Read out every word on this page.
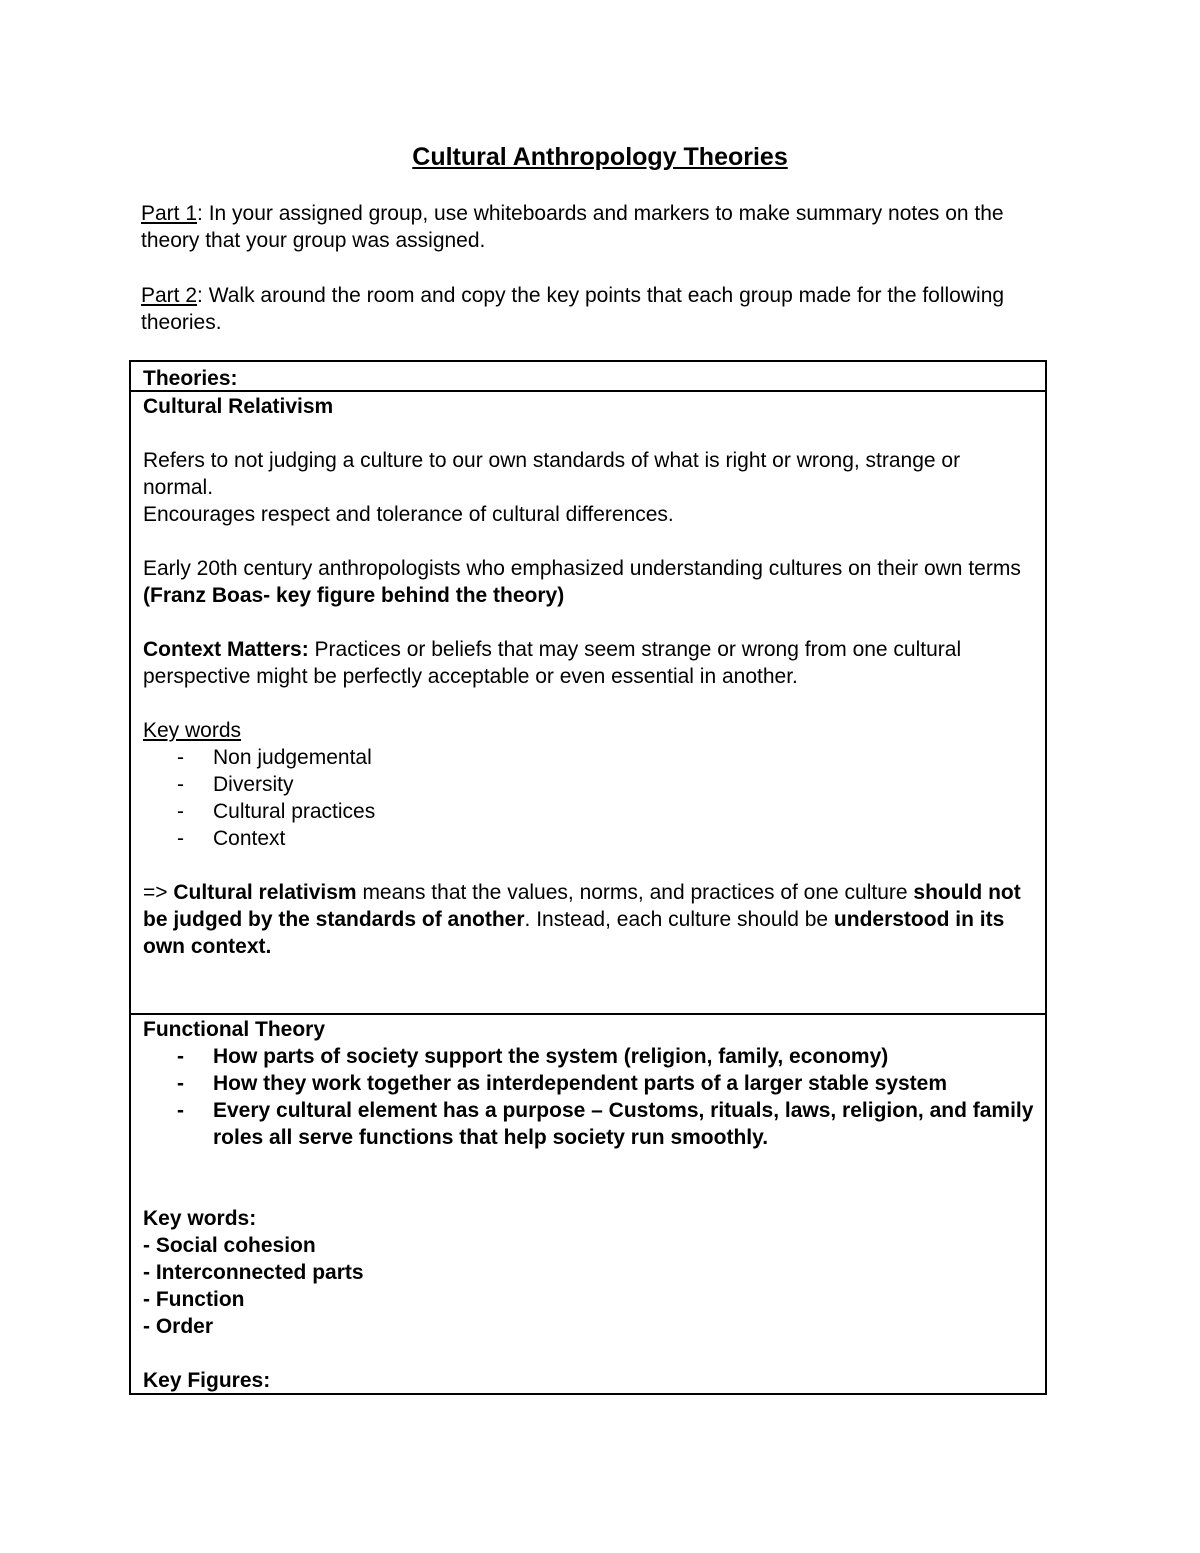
Cultural Anthropology Theories
Part 1: In your assigned group, use whiteboards and markers to make summary notes on the theory that your group was assigned.
Part 2: Walk around the room and copy the key points that each group made for the following theories.
Theories:
Cultural Relativism
Refers to not judging a culture to our own standards of what is right or wrong, strange or normal.
Encourages respect and tolerance of cultural differences.
Early 20th century anthropologists who emphasized understanding cultures on their own terms (Franz Boas- key figure behind the theory)
Context Matters: Practices or beliefs that may seem strange or wrong from one cultural perspective might be perfectly acceptable or even essential in another.
Key words
- Non judgemental
- Diversity
- Cultural practices
- Context
=> Cultural relativism means that the values, norms, and practices of one culture should not be judged by the standards of another. Instead, each culture should be understood in its own context.
Functional Theory
- How parts of society support the system (religion, family, economy)
- How they work together as interdependent parts of a larger stable system
- Every cultural element has a purpose – Customs, rituals, laws, religion, and family roles all serve functions that help society run smoothly.
Key words:
- Social cohesion
- Interconnected parts
- Function
- Order
Key Figures:
